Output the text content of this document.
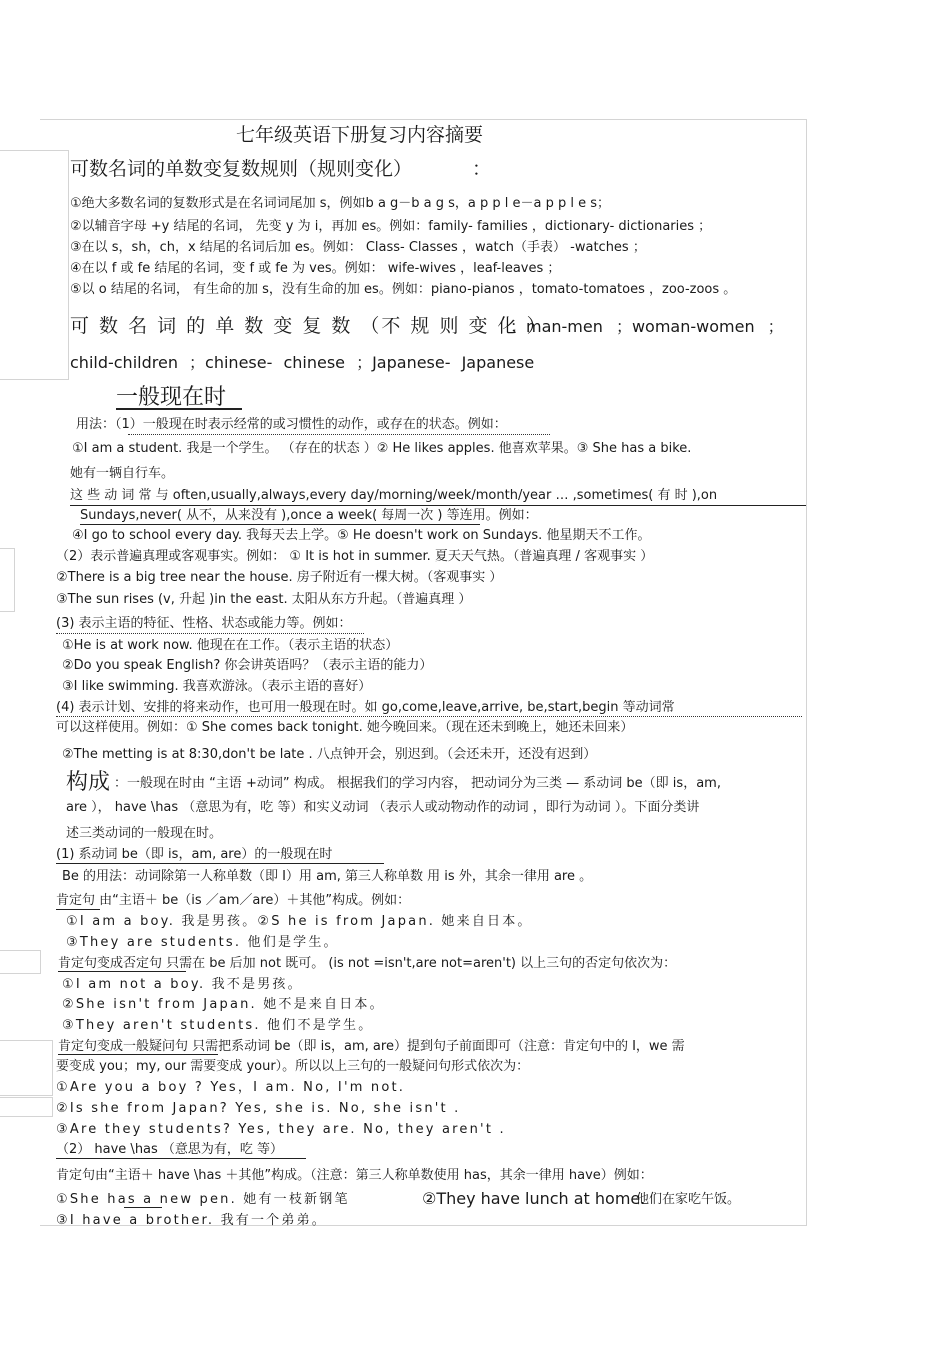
七年级英语下册复习内容摘要
可数名词的单数变复数规则（规则变化）	：
①绝大多数名词的复数形式是在名词词尾加 s，例如b a g－b a g s，a p p l e－a p p l e s；
②以辅音字母 +y 结尾的名词， 先变 y 为 i，再加 es。例如：family- families ，dictionary- dictionaries ；
③在以 s，sh，ch，x 结尾的名词后加 es。例如： Class- Classes ，watch（手表） -watches ；
④在以 f 或 fe 结尾的名词，变 f 或 fe 为 ves。例如： wife-wives ，leaf-leaves ；
⑤以 o 结尾的名词， 有生命的加 s，没有生命的加 es。例如：piano-pianos ，tomato-tomatoes ，zoo-zoos 。
可 数 名 词 的 单 数 变 复 数 （不 规 则 变 化 ）
：man-men ；woman-women ；
child-children ；chinese- chinese ；Japanese- Japanese
一般现在时
用法：（1）一般现在时表示经常的或习惯性的动作，或存在的状态。例如：
①I am a student. 我是一个学生。 （存在的状态 ）② He likes apples. 他喜欢苹果。③ She has a bike.
她有一辆自行车。
这 些 动 词 常 与 often,usually,always,every day/morning/week/month/year … ,sometimes( 有 时 ),on
Sundays,never( 从不，从来没有 ),once a week( 每周一次 ) 等连用。例如：
④I go to school every day. 我每天去上学。⑤ He doesn't work on Sundays. 他星期天不工作。
（2）表示普遍真理或客观事实。例如： ① It is hot in summer. 夏天天气热。（普遍真理 / 客观事实 ）
②There is a big tree near the house. 房子附近有一棵大树。（客观事实 ）
③The sun rises (v, 升起 )in the east. 太阳从东方升起。（普遍真理 ）
(3) 表示主语的特征、性格、状态或能力等。例如：
①He is at work now. 他现在在工作。（表示主语的状态）
②Do you speak English? 你会讲英语吗？（表示主语的能力）
③I like swimming. 我喜欢游泳。（表示主语的喜好）
(4) 表示计划、安排的将来动作，也可用一般现在时。如 go,come,leave,arrive, be,start,begin 等动词常
可以这样使用。例如：① She comes back tonight. 她今晚回来。（现在还未到晚上，她还未回来）
②The metting is at 8:30,don't be late . 八点钟开会，别迟到。（会还未开，还没有迟到）
构成 ：一般现在时由 “主语 +动词” 构成。 根据我们的学习内容， 把动词分为三类 — 系动词 be（即 is，am,
are ）， have \has （意思为有，吃 等）和实义动词 （表示人或动物动作的动词 ，即行为动词 ）。下面分类讲
述三类动词的一般现在时。
(1) 系动词 be（即 is，am, are）的一般现在时
Be 的用法：动词除第一人称单数（即 I）用 am, 第三人称单数 用 is 外，其余一律用 are 。
肯定句 由“主语＋ be（is ／am／are）＋其他”构成。例如：
①I am a boy. 我是男孩。②S he is from Japan. 她来自日本。
③They are students. 他们是学生。
肯定句变成否定句 只需在 be 后加 not 既可。 (is not =isn't,are not=aren't) 以上三句的否定句依次为：
①I am not a boy. 我不是男孩。
②She isn't from Japan. 她不是来自日本。
③They aren't students. 他们不是学生。
肯定句变成一般疑问句 只需把系动词 be（即 is，am, are）提到句子前面即可（注意：肯定句中的 I，we 需
要变成 you；my, our 需要变成 your）。所以以上三句的一般疑问句形式依次为：
①Are you a boy ? Yes，I am. No, I'm not.
②Is she from Japan? Yes, she is. No, she isn't .
③Are they students? Yes, they are. No, they aren't .
（2） have \has （意思为有，吃 等）
肯定句由“主语＋ have \has ＋其他”构成。（注意：第三人称单数使用 has，其余一律用 have）例如：
①She has a new pen. 她有一枝新钢笔	②They have lunch at home.
他们在家吃午饭。
③I have a brother. 我有一个弟弟。
